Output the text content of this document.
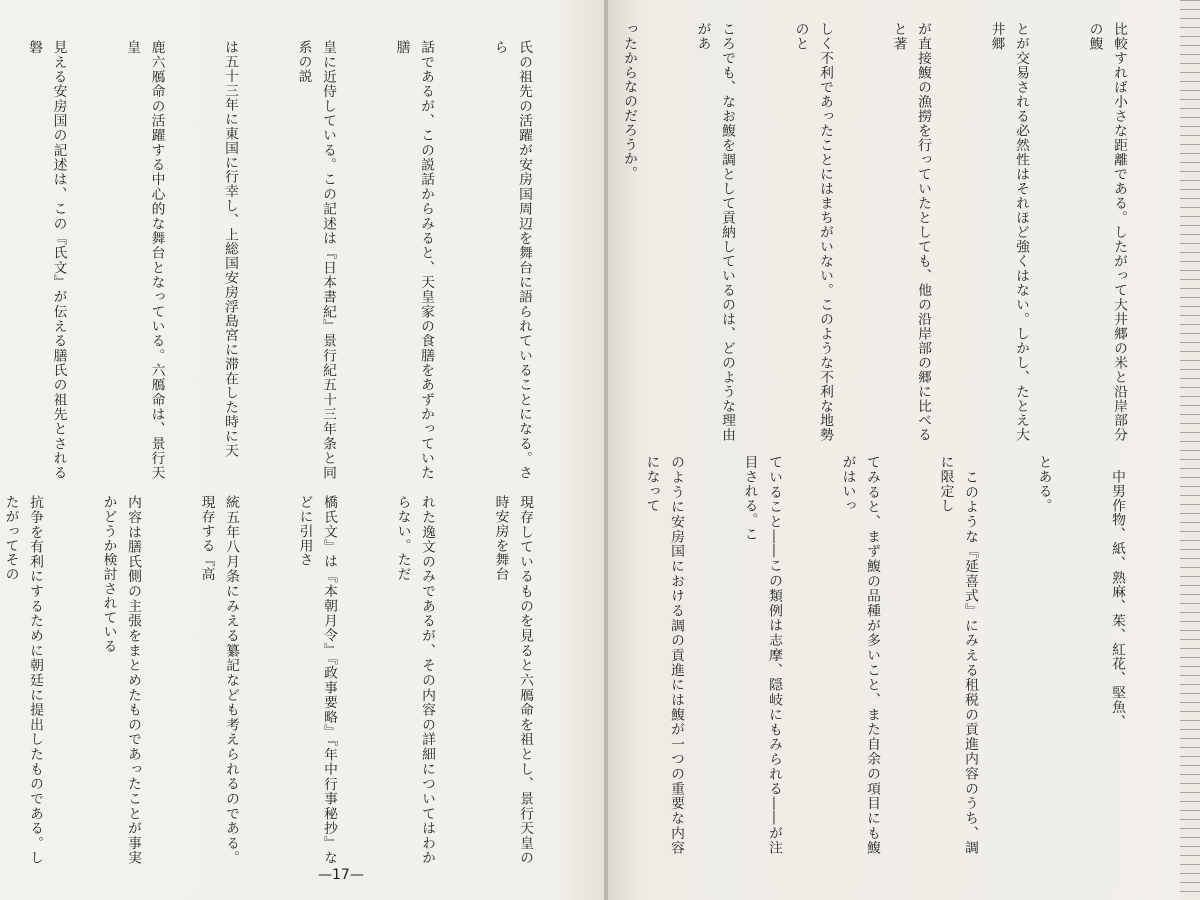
氏の祖先の活躍が安房国周辺を舞台に語られていることになる。さら

話であるが、この説話からみると、天皇家の食膳をあずかっていた膳

皇に近侍している。この記述は『日本書紀』景行紀五十三年条と同系の説

は五十三年に東国に行幸し、上総国安房浮島宮に滞在した時に天

鹿六鴈命の活躍する中心的な舞台となっている。六鴈命は、景行天皇

見える安房国の記述は、この『氏文』が伝える膳氏の祖先とされる磐

現存しているものを見ると六鴈命を祖とし、景行天皇の時安房を舞台

れた逸文のみであるが、その内容の詳細についてはわからない。ただ

橋氏文』は『本朝月令』『政事要略』『年中行事秘抄』などに引用さ

統五年八月条にみえる纂記なども考えられるのである。現存する『高

内容は膳氏側の主張をまとめたものであったことが事実かどうか検討されている

抗争を有利にするために朝廷に提出したものである。したがってその

—17—

比較すれば小さな距離である。したがって大井郷の米と沿岸部分の鰒

とが交易される必然性はそれほど強くはない。しかし、たとえ大井郷

が直接鰒の漁撈を行っていたとしても、他の沿岸部の郷に比べると著

しく不利であったことにはまちがいない。このような不利な地勢のと

ころでも、なお鰒を調として貢納しているのは、どのような理由があ

ったからなのだろうか。

　中男作物、紙、熟麻、茱、紅花、堅魚、

とある。

　このような『延喜式』にみえる租税の貢進内容のうち、調に限定し

てみると、まず鰒の品種が多いこと、また自余の項目にも鰒がはいっ

ていること――この類例は志摩、隠岐にもみられる――が注目される。こ

のように安房国における調の貢進には鰒が一つの重要な内容になって
